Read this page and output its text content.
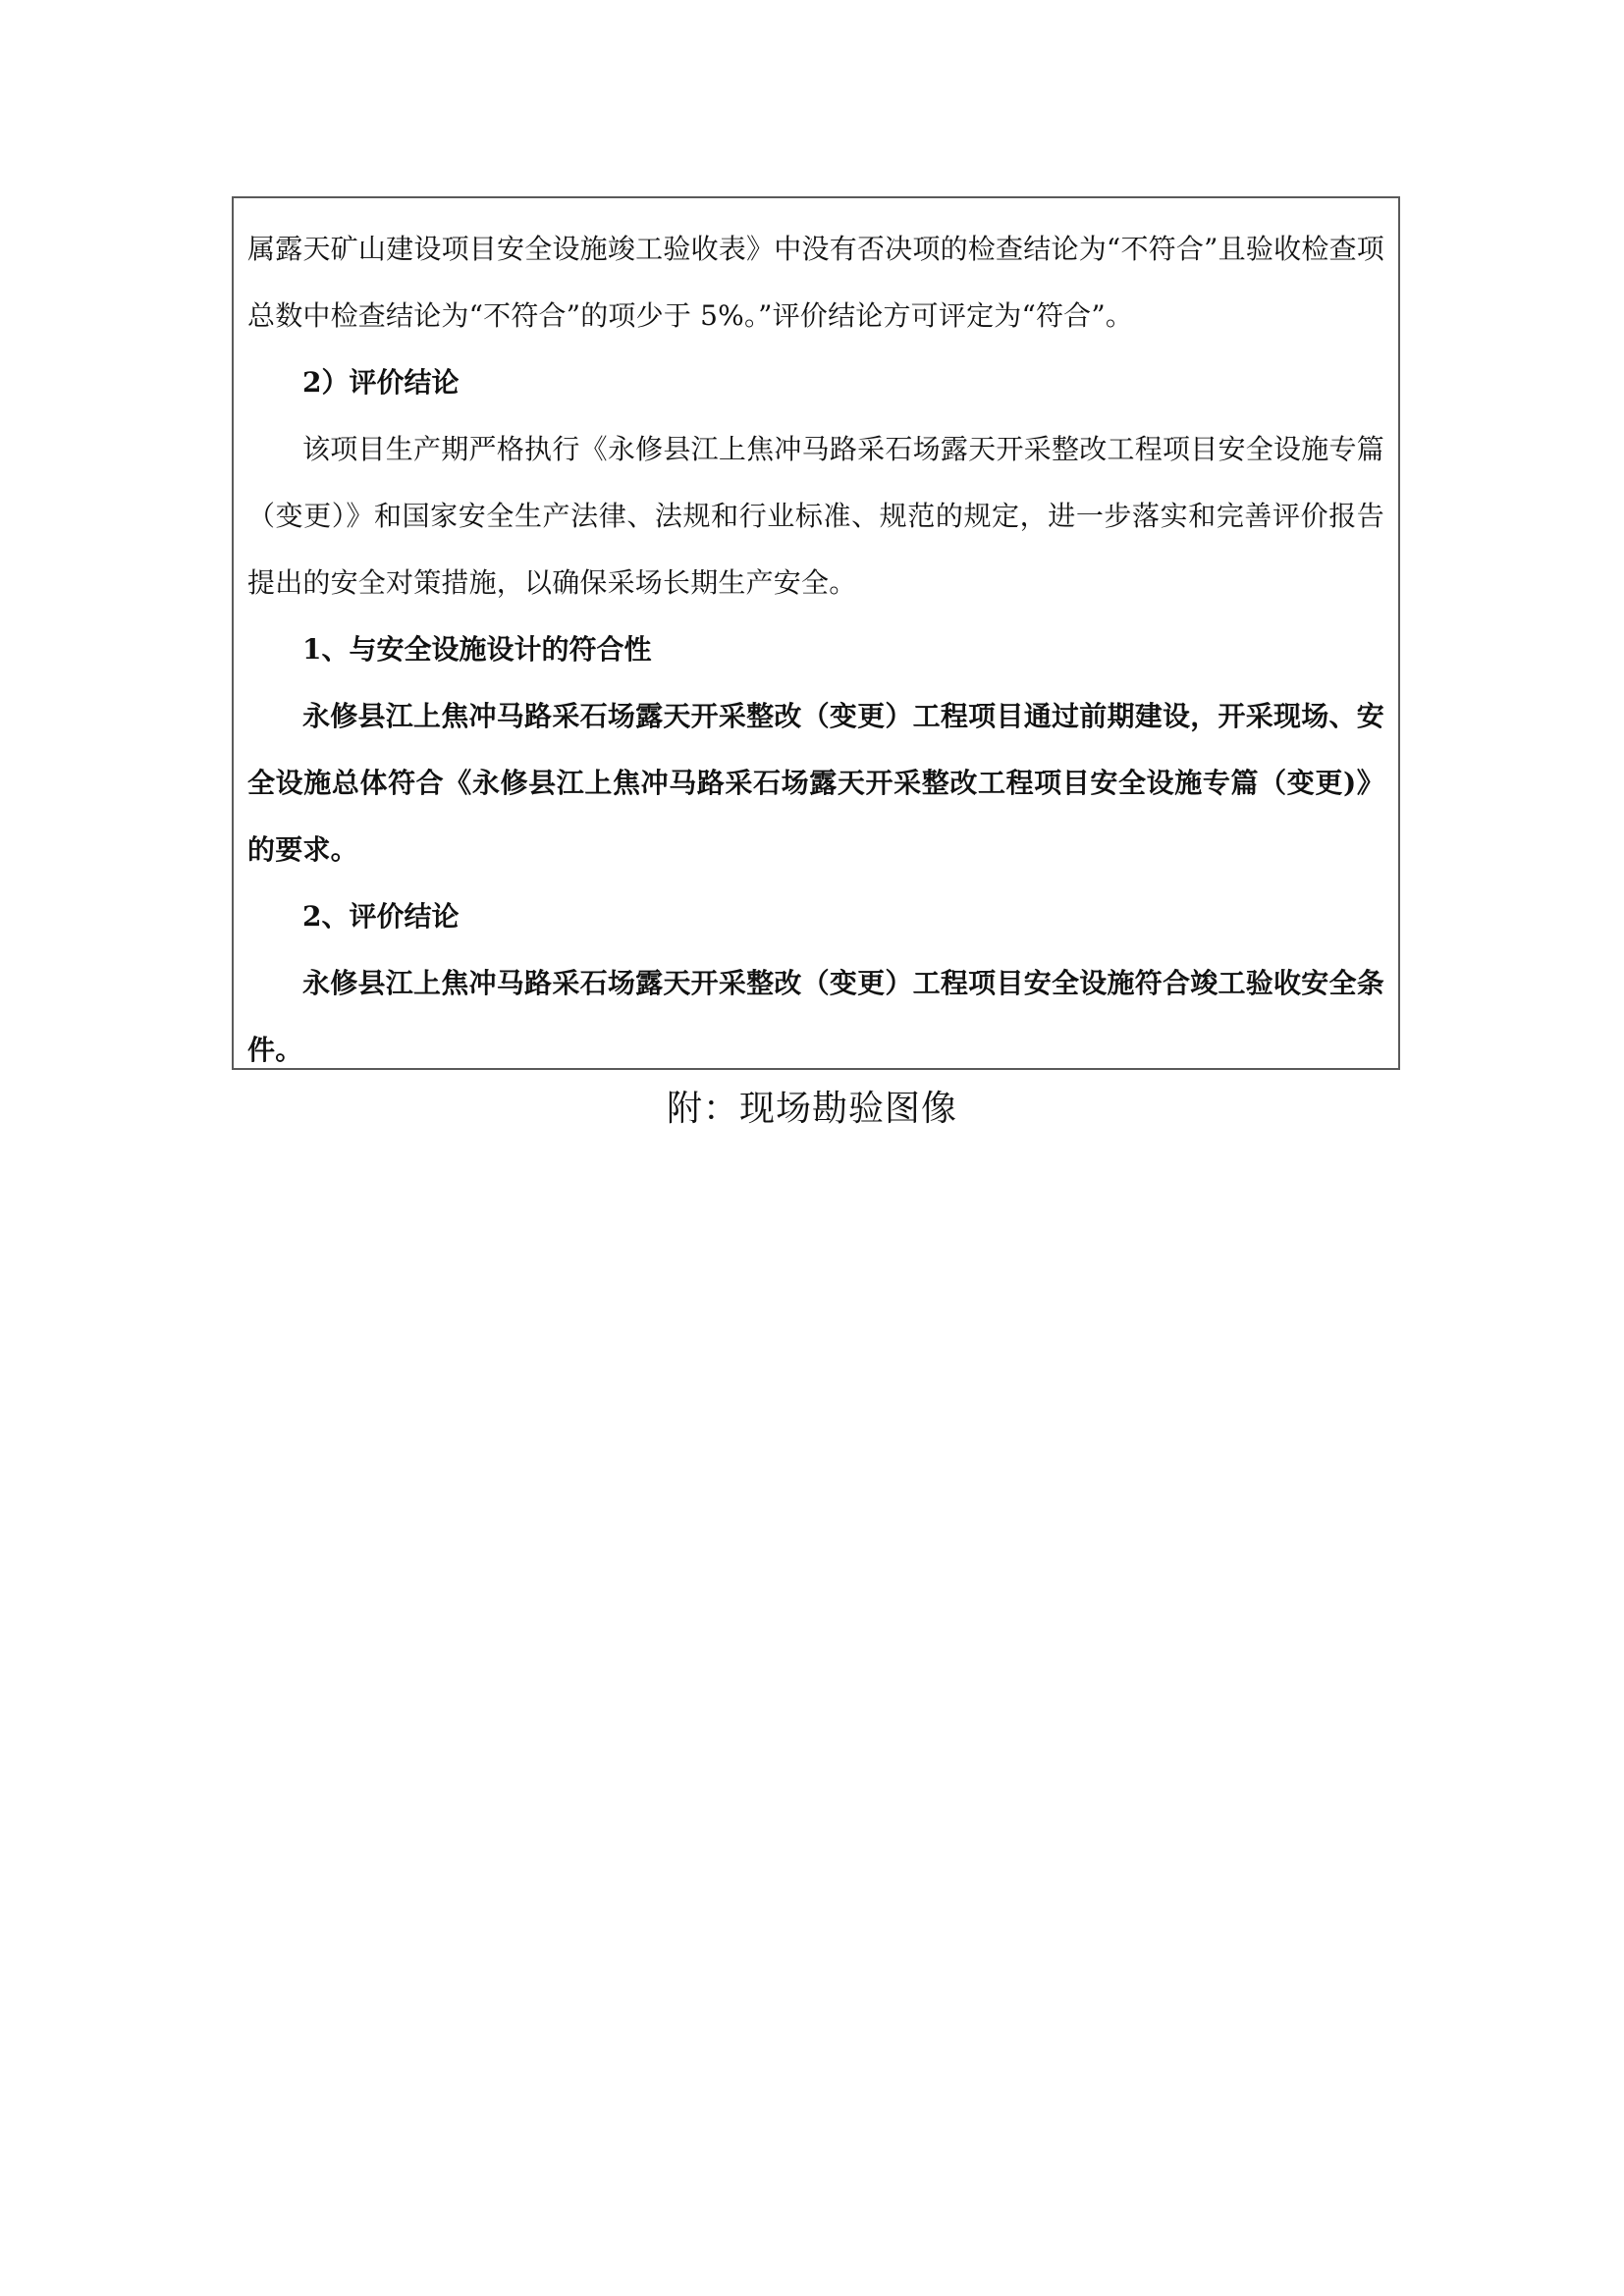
属露天矿山建设项目安全设施竣工验收表》中没有否决项的检查结论为“不符合”且验收检查项总数中检查结论为“不符合”的项少于 5%。”评价结论方可评定为“符合”。

2）评价结论

该项目生产期严格执行《永修县江上焦冲马路采石场露天开采整改工程项目安全设施专篇（变更）》和国家安全生产法律、法规和行业标准、规范的规定，进一步落实和完善评价报告提出的安全对策措施，以确保采场长期生产安全。

1、与安全设施设计的符合性

永修县江上焦冲马路采石场露天开采整改（变更）工程项目通过前期建设，开采现场、安全设施总体符合《永修县江上焦冲马路采石场露天开采整改工程项目安全设施专篇（变更)》的要求。

2、评价结论

永修县江上焦冲马路采石场露天开采整改（变更）工程项目安全设施符合竣工验收安全条件。

附：现场勘验图像
